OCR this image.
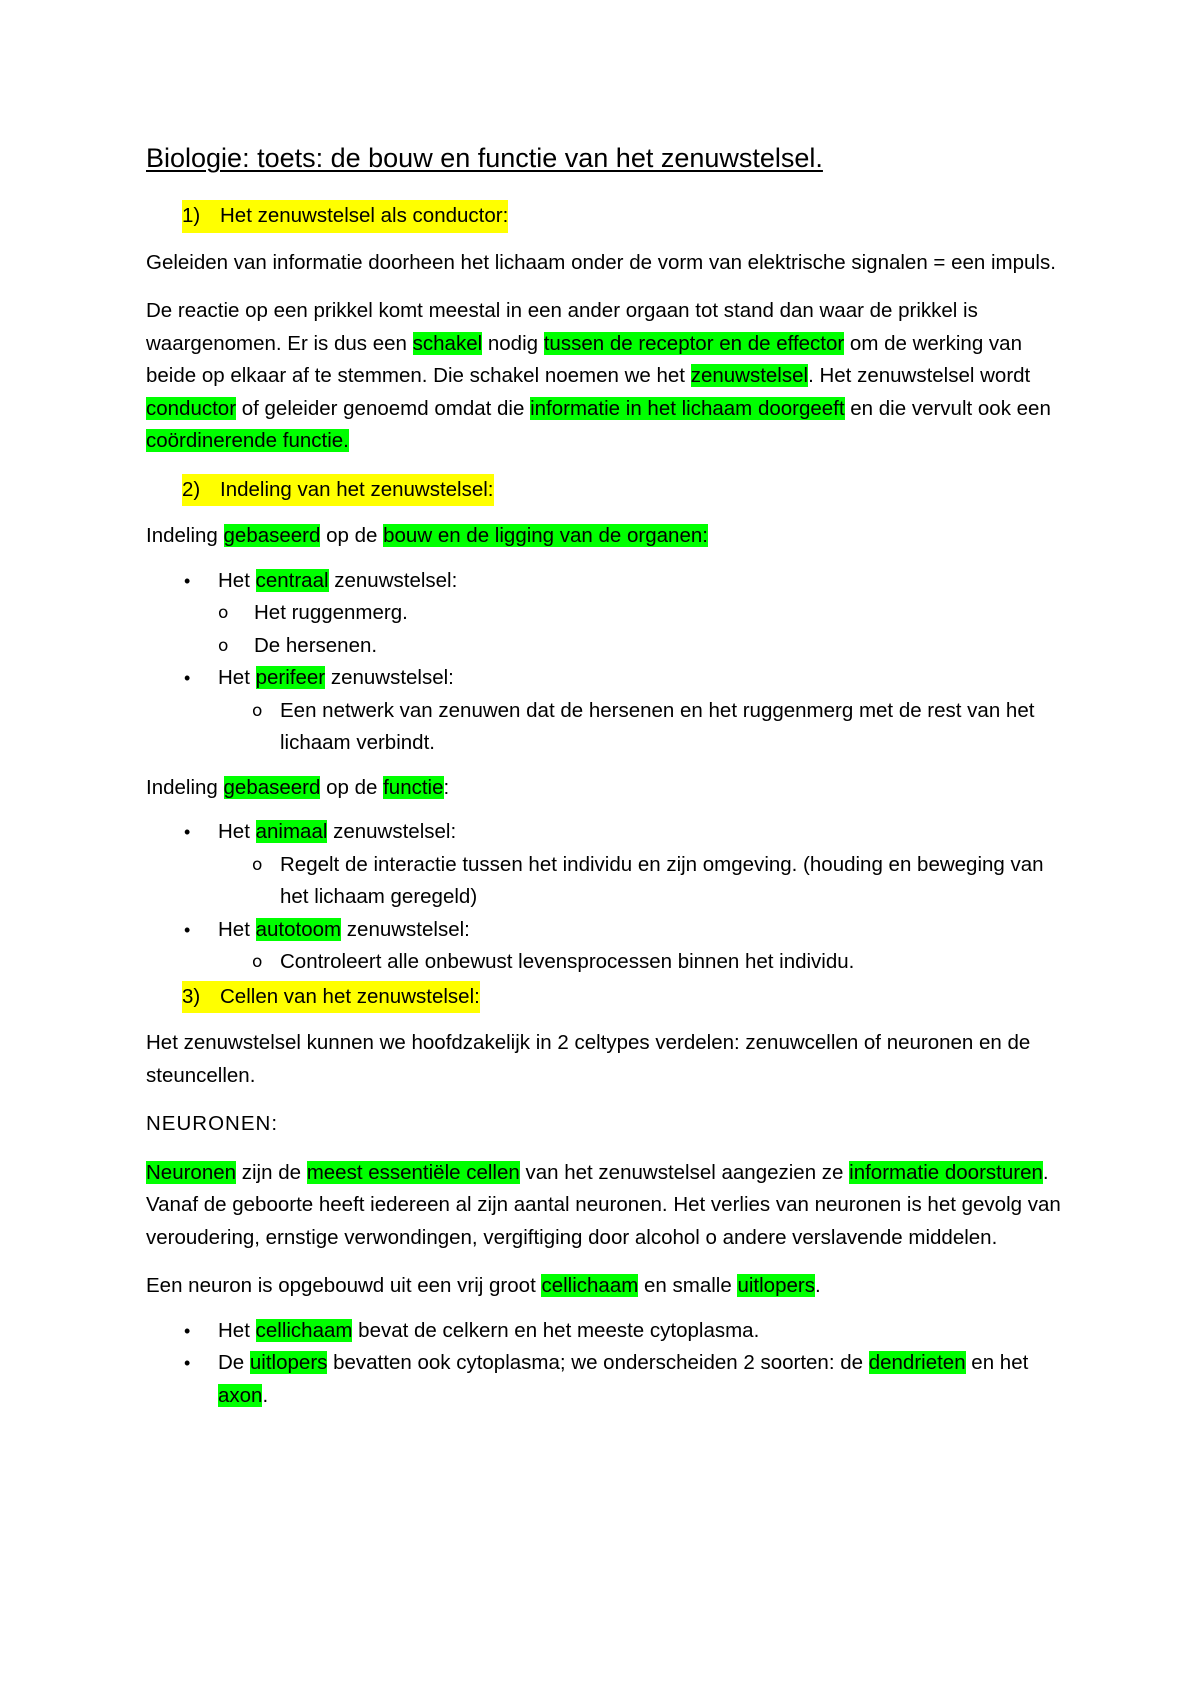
Biologie: toets: de bouw en functie van het zenuwstelsel.
1) Het zenuwstelsel als conductor:

Geleiden van informatie doorheen het lichaam onder de vorm van elektrische signalen = een impuls.

De reactie op een prikkel komt meestal in een ander orgaan tot stand dan waar de prikkel is waargenomen. Er is dus een schakel nodig tussen de receptor en de effector om de werking van beide op elkaar af te stemmen. Die schakel noemen we het zenuwstelsel. Het zenuwstelsel wordt conductor of geleider genoemd omdat die informatie in het lichaam doorgeeft en die vervult ook een coördinerende functie.

2) Indeling van het zenuwstelsel:

Indeling gebaseerd op de bouw en de ligging van de organen:

• Het centraal zenuwstelsel:
o Het ruggenmerg.
o De hersenen.
• Het perifeer zenuwstelsel:
o Een netwerk van zenuwen dat de hersenen en het ruggenmerg met de rest van het lichaam verbindt.

Indeling gebaseerd op de functie:

• Het animaal zenuwstelsel:
o Regelt de interactie tussen het individu en zijn omgeving. (houding en beweging van het lichaam geregeld)
• Het autotoom zenuwstelsel:
o Controleert alle onbewust levensprocessen binnen het individu.
3) Cellen van het zenuwstelsel:

Het zenuwstelsel kunnen we hoofdzakelijk in 2 celtypes verdelen: zenuwcellen of neuronen en de steuncellen.

NEURONEN:

Neuronen zijn de meest essentiële cellen van het zenuwstelsel aangezien ze informatie doorsturen. Vanaf de geboorte heeft iedereen al zijn aantal neuronen. Het verlies van neuronen is het gevolg van veroudering, ernstige verwondingen, vergiftiging door alcohol o andere verslavende middelen.

Een neuron is opgebouwd uit een vrij groot cellichaam en smalle uitlopers.

• Het cellichaam bevat de celkern en het meeste cytoplasma.
• De uitlopers bevatten ook cytoplasma; we onderscheiden 2 soorten: de dendrieten en het axon.
